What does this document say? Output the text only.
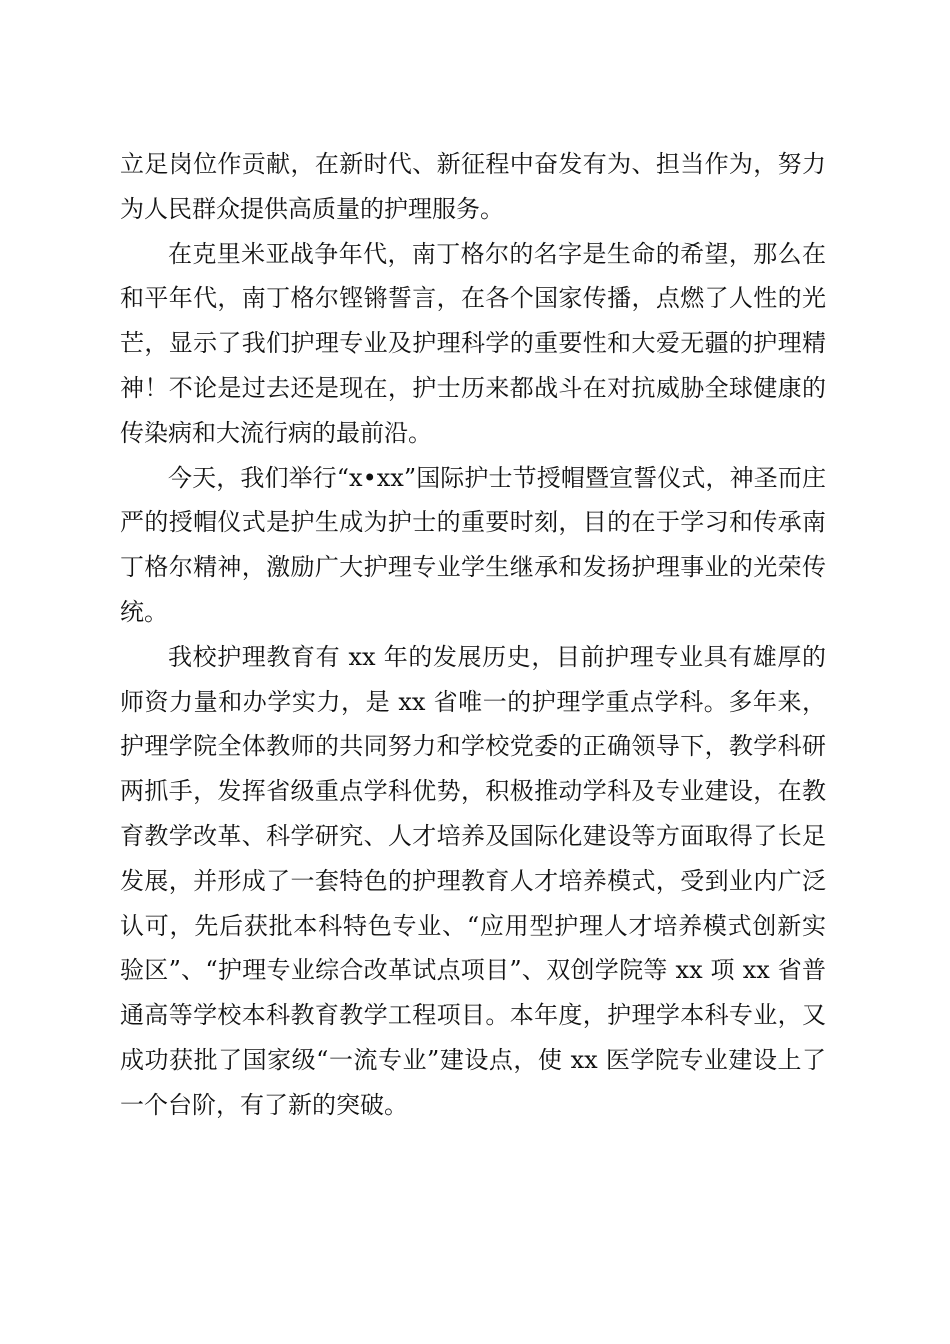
立足岗位作贡献，在新时代、新征程中奋发有为、担当作为，努力为人民群众提供高质量的护理服务。

在克里米亚战争年代，南丁格尔的名字是生命的希望，那么在和平年代，南丁格尔铿锵誓言，在各个国家传播，点燃了人性的光芒，显示了我们护理专业及护理科学的重要性和大爱无疆的护理精神！不论是过去还是现在，护士历来都战斗在对抗威胁全球健康的传染病和大流行病的最前沿。

今天，我们举行“x•xx”国际护士节授帽暨宣誓仪式，神圣而庄严的授帽仪式是护生成为护士的重要时刻，目的在于学习和传承南丁格尔精神，激励广大护理专业学生继承和发扬护理事业的光荣传统。

我校护理教育有 xx 年的发展历史，目前护理专业具有雄厚的师资力量和办学实力，是 xx 省唯一的护理学重点学科。多年来，护理学院全体教师的共同努力和学校党委的正确领导下，教学科研两抓手，发挥省级重点学科优势，积极推动学科及专业建设，在教育教学改革、科学研究、人才培养及国际化建设等方面取得了长足发展，并形成了一套特色的护理教育人才培养模式，受到业内广泛认可，先后获批本科特色专业、“应用型护理人才培养模式创新实验区”、“护理专业综合改革试点项目”、双创学院等 xx 项 xx 省普通高等学校本科教育教学工程项目。本年度，护理学本科专业，又成功获批了国家级“一流专业”建设点，使 xx 医学院专业建设上了一个台阶，有了新的突破。
